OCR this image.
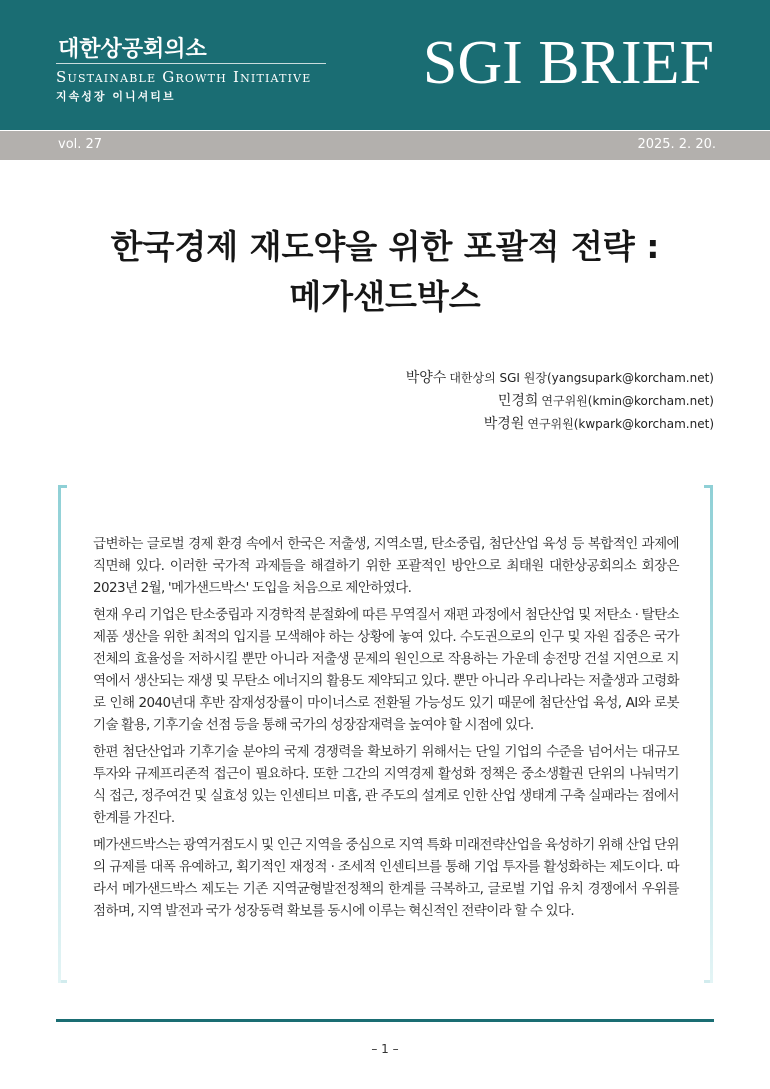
대한상공회의소
Sustainable Growth Initiative
지속성장 이니셔티브	SGI BRIEF
vol. 27	2025. 2. 20.
한국경제 재도약을 위한 포괄적 전략 :
메가샌드박스
박양수 대한상의 SGI 원장(yangsupark@korcham.net)
민경희 연구위원(kmin@korcham.net)
박경원 연구위원(kwpark@korcham.net)

급변하는 글로벌 경제 환경 속에서 한국은 저출생, 지역소멸, 탄소중립, 첨단산업 육성 등 복합적인 과제에 직면해 있다. 이러한 국가적 과제들을 해결하기 위한 포괄적인 방안으로 최태원 대한상공회의소 회장은 2023년 2월, '메가샌드박스' 도입을 처음으로 제안하였다.

현재 우리 기업은 탄소중립과 지경학적 분절화에 따른 무역질서 재편 과정에서 첨단산업 및 저탄소 · 탈탄소 제품 생산을 위한 최적의 입지를 모색해야 하는 상황에 놓여 있다. 수도권으로의 인구 및 자원 집중은 국가 전체의 효율성을 저하시킬 뿐만 아니라 저출생 문제의 원인으로 작용하는 가운데 송전망 건설 지연으로 지역에서 생산되는 재생 및 무탄소 에너지의 활용도 제약되고 있다. 뿐만 아니라 우리나라는 저출생과 고령화로 인해 2040년대 후반 잠재성장률이 마이너스로 전환될 가능성도 있기 때문에 첨단산업 육성, AI와 로봇 기술 활용, 기후기술 선점 등을 통해 국가의 성장잠재력을 높여야 할 시점에 있다.

한편 첨단산업과 기후기술 분야의 국제 경쟁력을 확보하기 위해서는 단일 기업의 수준을 넘어서는 대규모 투자와 규제프리존적 접근이 필요하다. 또한 그간의 지역경제 활성화 정책은 중소생활권 단위의 나눠먹기식 접근, 정주여건 및 실효성 있는 인센티브 미흡, 관 주도의 설계로 인한 산업 생태계 구축 실패라는 점에서 한계를 가진다.

메가샌드박스는 광역거점도시 및 인근 지역을 중심으로 지역 특화 미래전략산업을 육성하기 위해 산업 단위의 규제를 대폭 유예하고, 획기적인 재정적 · 조세적 인센티브를 통해 기업 투자를 활성화하는 제도이다. 따라서 메가샌드박스 제도는 기존 지역균형발전정책의 한계를 극복하고, 글로벌 기업 유치 경쟁에서 우위를 점하며, 지역 발전과 국가 성장동력 확보를 동시에 이루는 혁신적인 전략이라 할 수 있다.

– 1 –
